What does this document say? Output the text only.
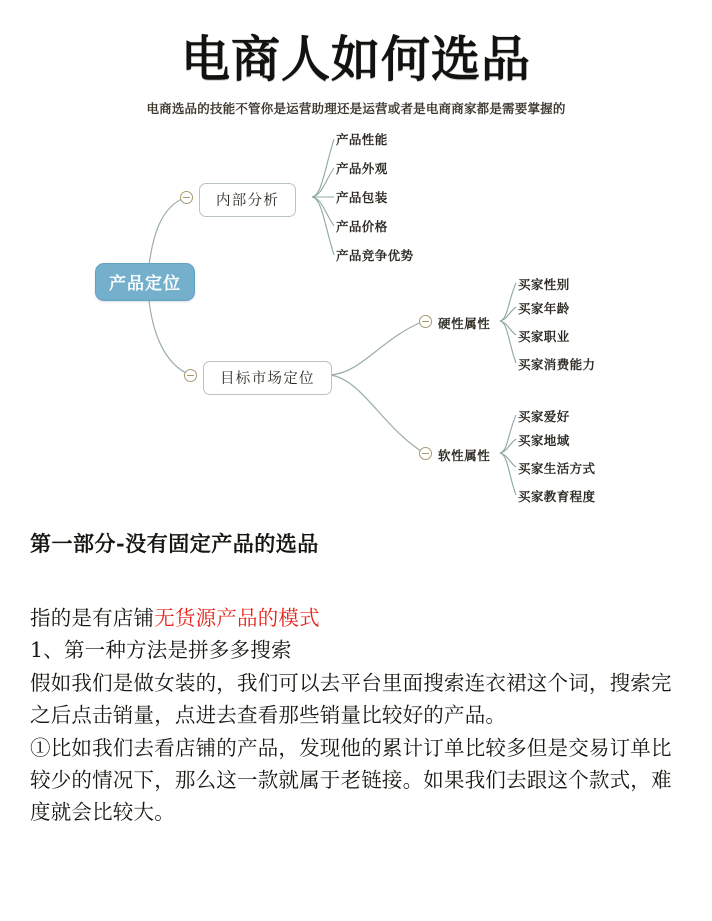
电商人如何选品

电商选品的技能不管你是运营助理还是运营或者是电商商家都是需要掌握的

产品定位
内部分析
产品性能
产品外观
产品包装
产品价格
产品竞争优势
目标市场定位
硬性属性
买家性别
买家年龄
买家职业
买家消费能力
软性属性
买家爱好
买家地域
买家生活方式
买家教育程度
第一部分-没有固定产品的选品

指的是有店铺无货源产品的模式

1、第一种方法是拼多多搜索

假如我们是做女装的，我们可以去平台里面搜索连衣裙这个词，搜索完之后点击销量，点进去查看那些销量比较好的产品。

①比如我们去看店铺的产品，发现他的累计订单比较多但是交易订单比较少的情况下，那么这一款就属于老链接。如果我们去跟这个款式，难度就会比较大。
